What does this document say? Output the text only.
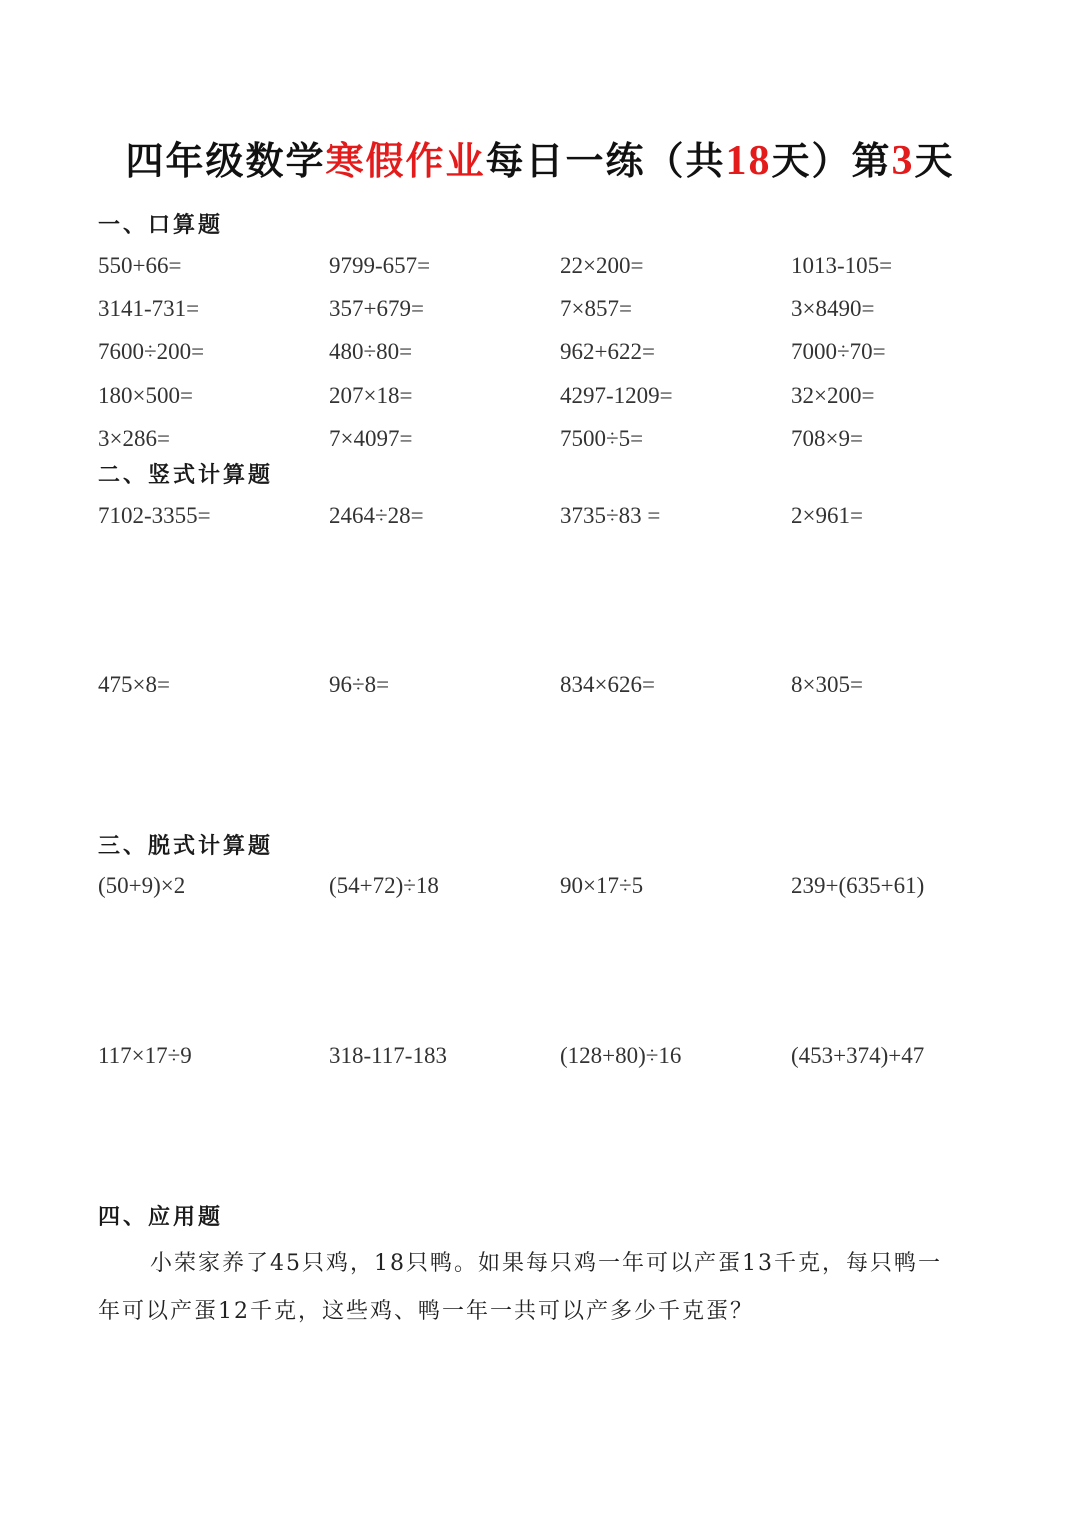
四年级数学寒假作业每日一练（共18天）第3天
一、口算题
550+66=	9799-657=	22×200=	1013-105=
3141-731=	357+679=	7×857=	3×8490=
7600÷200=	480÷80=	962+622=	7000÷70=
180×500=	207×18=	4297-1209=	32×200=
3×286=	7×4097=	7500÷5=	708×9=
二、竖式计算题
7102-3355=	2464÷28=	3735÷83 =	2×961=
475×8=	96÷8=	834×626=	8×305=
三、脱式计算题
(50+9)×2	(54+72)÷18	90×17÷5	239+(635+61)
117×17÷9	318-117-183	(128+80)÷16	(453+374)+47
四、应用题
小荣家养了45只鸡，18只鸭。如果每只鸡一年可以产蛋13千克，每只鸭一
年可以产蛋12千克，这些鸡、鸭一年一共可以产多少千克蛋？
